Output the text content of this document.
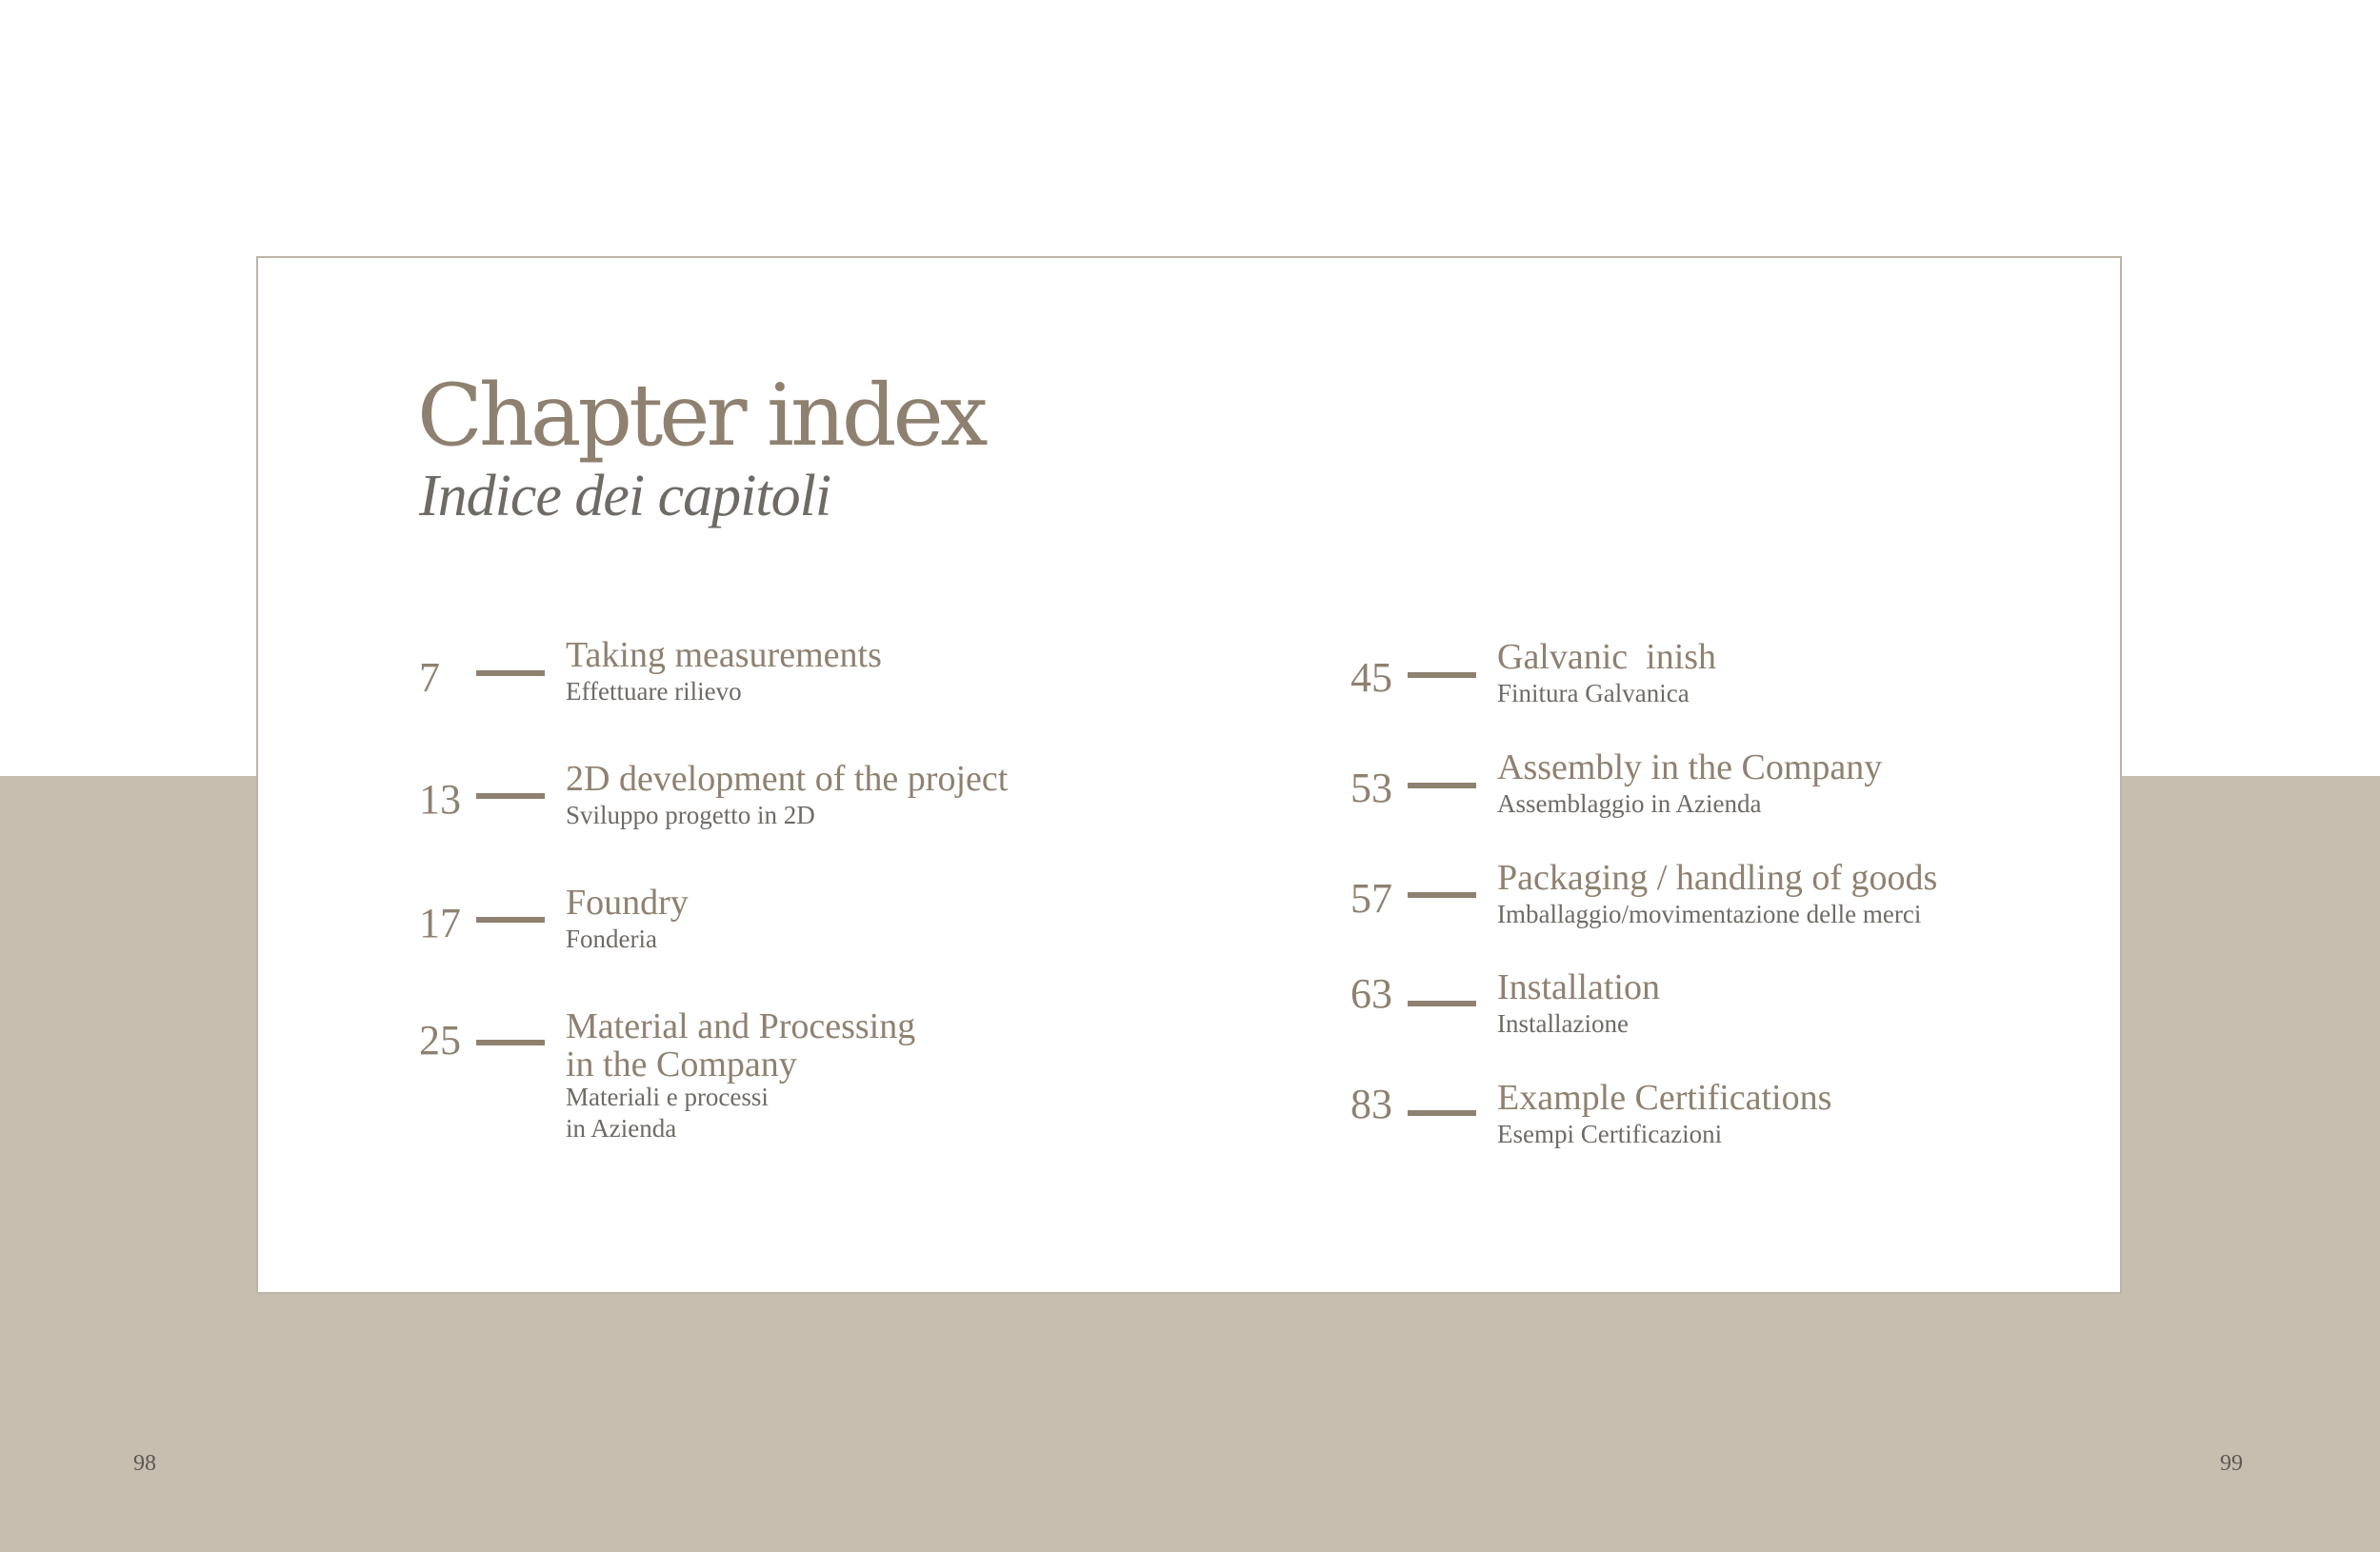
Chapter index
Indice dei capitoli
7	Taking measurements
Effettuare rilievo
13	2D development of the project
Sviluppo progetto in 2D
17	Foundry
Fonderia
25	Material and Processing
in the Company
Materiali e processi
in Azienda
45	Galvanic  inish
Finitura Galvanica
53	Assembly in the Company
Assemblaggio in Azienda
57	Packaging / handling of goods
Imballaggio/movimentazione delle merci
63	Installation
Installazione
83	Example Certifications
Esempi Certificazioni
98	99
